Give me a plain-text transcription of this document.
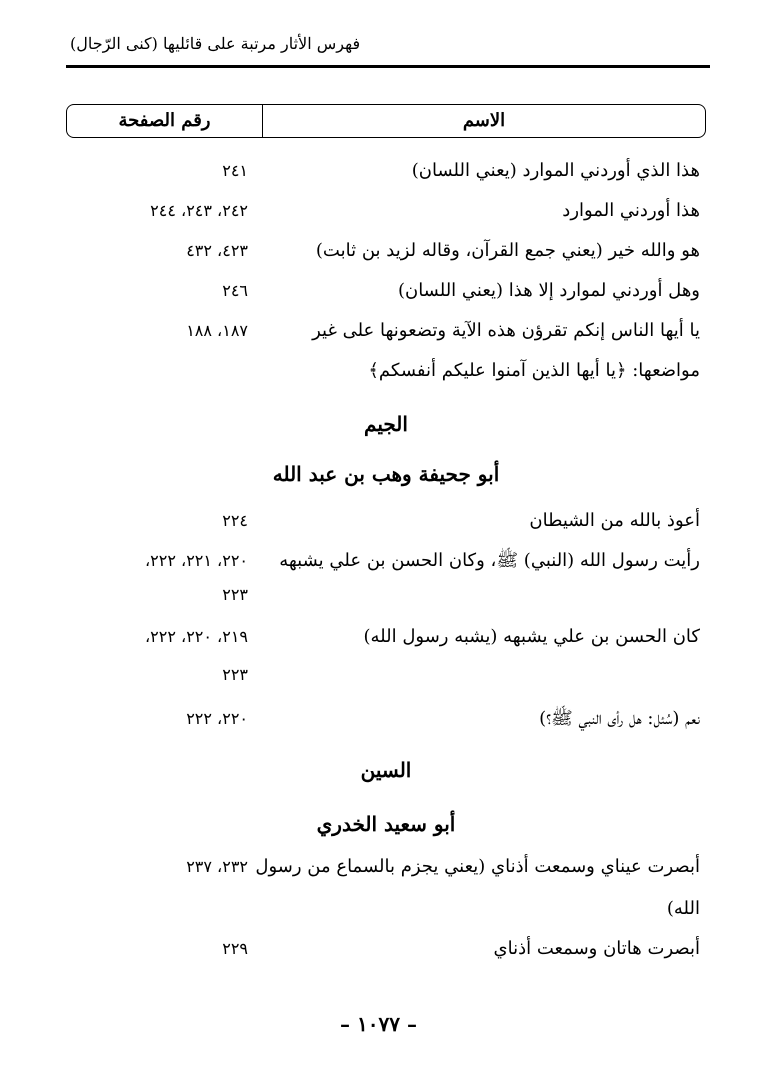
فهرس الأثار مرتبة على قائليها (كنى الرّجال)
الاسم
رقم الصفحة
هذا الذي أوردني الموارد (يعني اللسان)
٢٤١
هذا أوردني الموارد
٢٤٢، ٢٤٣، ٢٤٤
هو والله خير (يعني جمع القرآن، وقاله لزيد بن ثابت)
٤٢٣، ٤٣٢
وهل أوردني لموارد إلا هذا (يعني اللسان)
٢٤٦
يا أيها الناس إنكم تقرؤن هذه الآية وتضعونها على غير
١٨٧، ١٨٨
مواضعها: ﴿يا أيها الذين آمنوا عليكم أنفسكم﴾
الجيم
أبو جحيفة وهب بن عبد الله
أعوذ بالله من الشيطان
٢٢٤
رأيت رسول الله (النبي) ﷺ، وكان الحسن بن علي يشبهه
٢٢٠، ٢٢١، ٢٢٢،
٢٢٣
كان الحسن بن علي يشبهه (يشبه رسول الله)
٢١٩، ٢٢٠، ٢٢٢،
٢٢٣
نعم (سُئل: هل رأى النبي ﷺ؟)
٢٢٠، ٢٢٢
السين
أبو سعيد الخدري
أبصرت عيناي وسمعت أذناي (يعني يجزم بالسماع من رسول
٢٣٢، ٢٣٧
الله)
أبصرت هاتان وسمعت أذناي
٢٢٩
– ١٠٧٧ –
